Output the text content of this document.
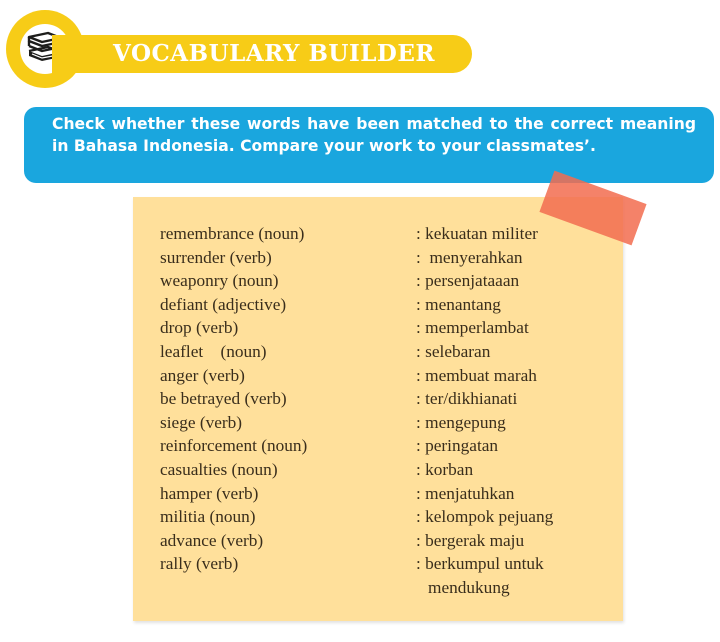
VOCABULARY BUILDER
Check whether these words have been matched to the correct meaning in Bahasa Indonesia. Compare your work to your classmates’.
remembrance (noun)	: kekuatan militer
surrender (verb)	:  menyerahkan
weaponry (noun)	: persenjataaan
defiant (adjective)	: menantang
drop (verb)	: memperlambat
leaflet    (noun)	: selebaran
anger (verb)	: membuat marah
be betrayed (verb)	: ter/dikhianati
siege (verb)	: mengepung
reinforcement (noun)	: peringatan
casualties (noun)	: korban
hamper (verb)	: menjatuhkan
militia (noun)	: kelompok pejuang
advance (verb)	: bergerak maju
rally (verb)	: berkumpul untuk
mendukung
